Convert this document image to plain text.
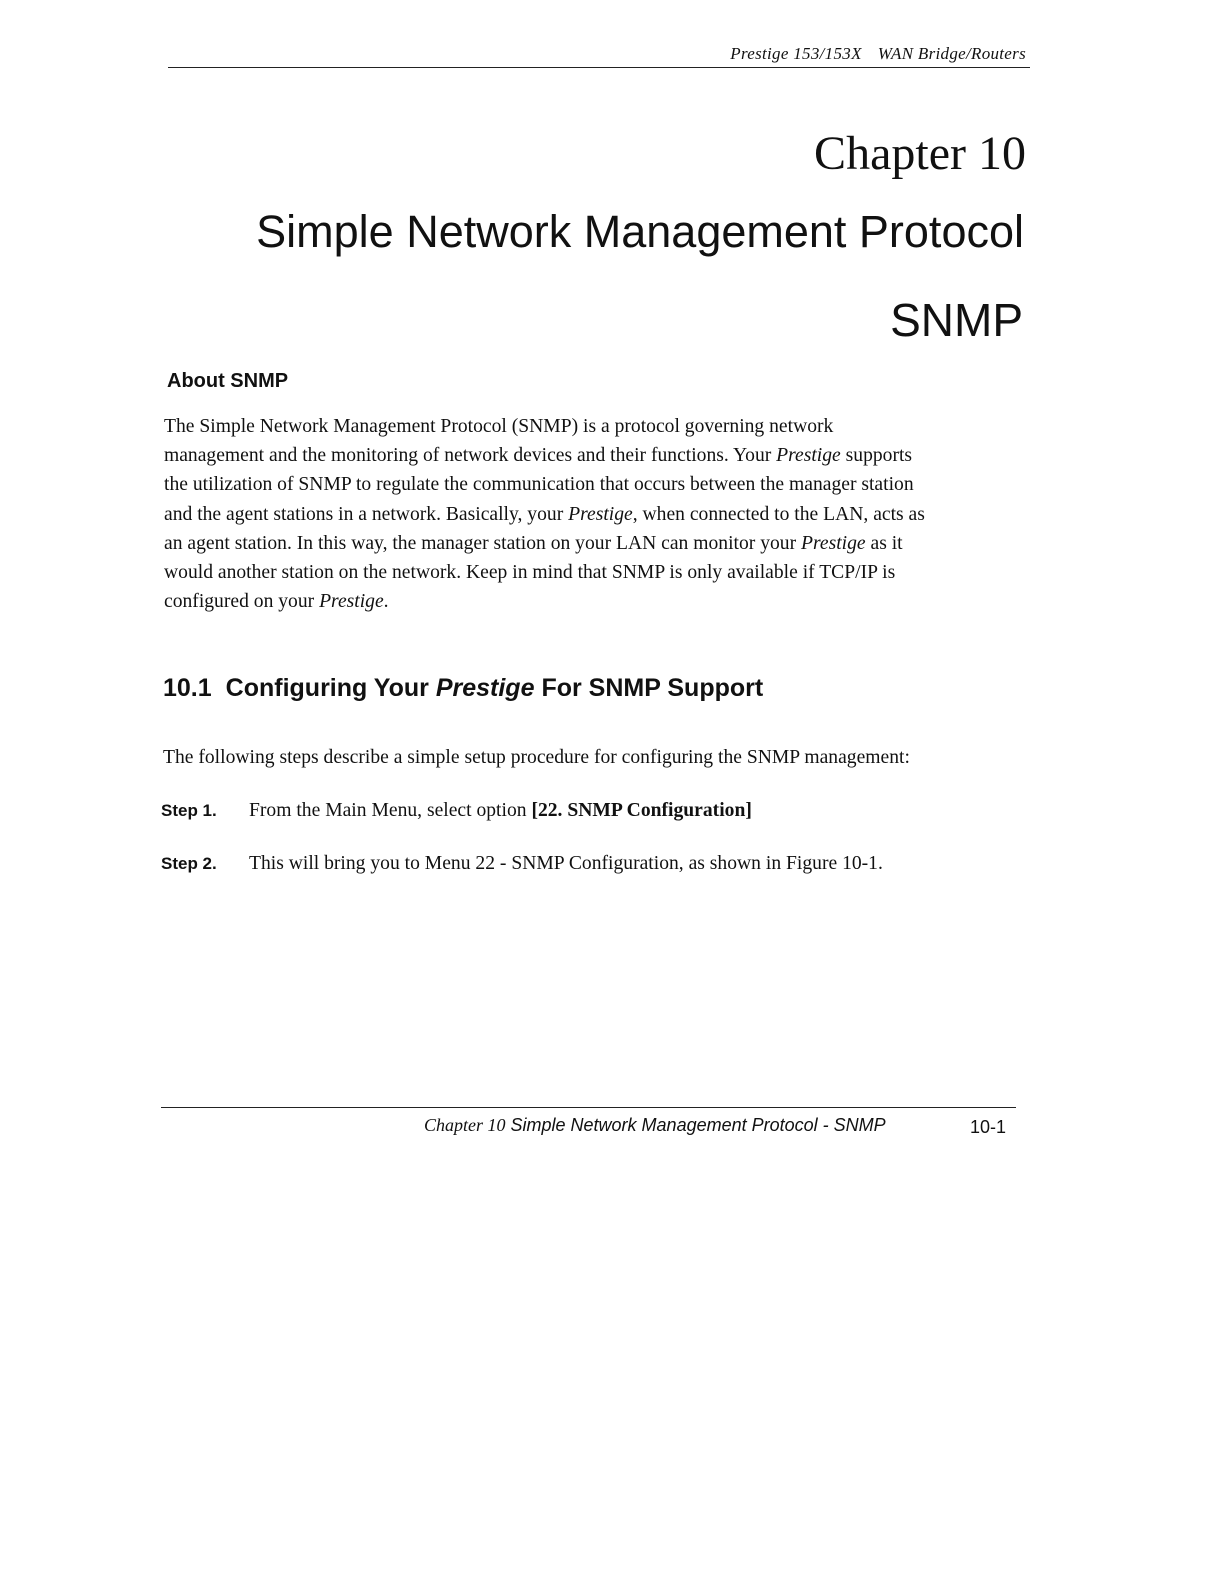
Prestige 153/153X WAN Bridge/Routers
Chapter 10
Simple Network Management Protocol
SNMP
About SNMP
The Simple Network Management Protocol (SNMP) is a protocol governing network
management and the monitoring of network devices and their functions. Your Prestige supports
the utilization of SNMP to regulate the communication that occurs between the manager station
and the agent stations in a network. Basically, your Prestige, when connected to the LAN, acts as
an agent station. In this way, the manager station on your LAN can monitor your Prestige as it
would another station on the network. Keep in mind that SNMP is only available if TCP/IP is
configured on your Prestige.
10.1 Configuring Your Prestige For SNMP Support
The following steps describe a simple setup procedure for configuring the SNMP management:
Step 1. From the Main Menu, select option [22. SNMP Configuration]
Step 2. This will bring you to Menu 22 - SNMP Configuration, as shown in Figure 10-1.
Chapter 10 Simple Network Management Protocol - SNMP	10-1
